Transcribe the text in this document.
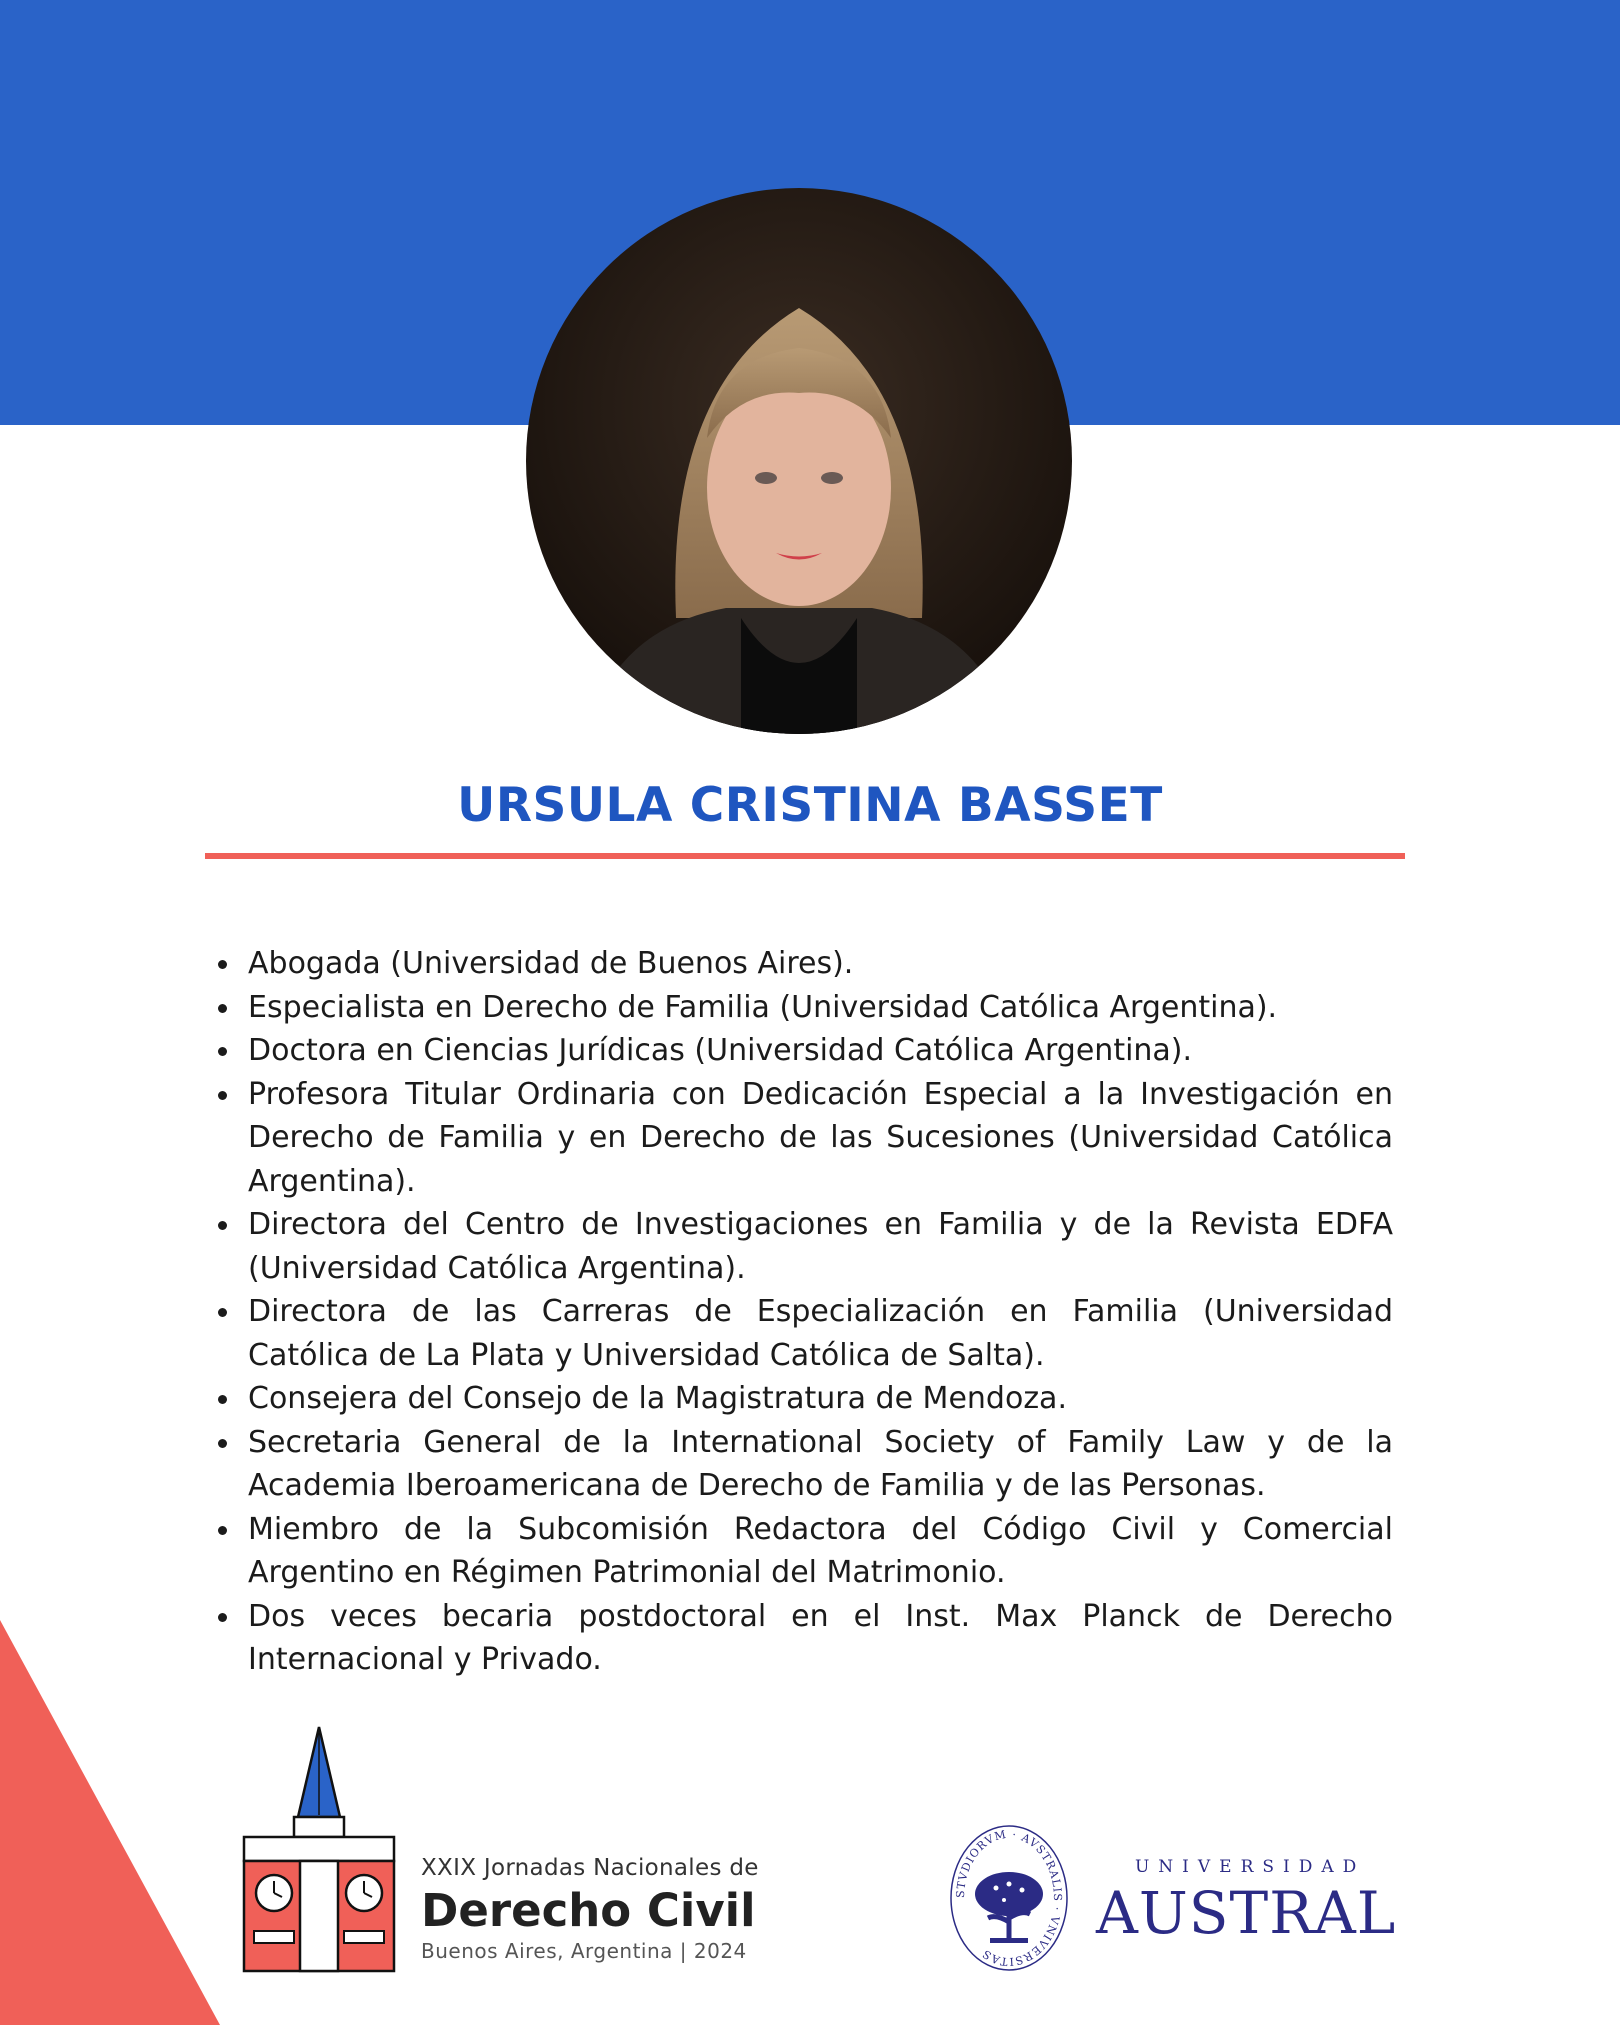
URSULA CRISTINA BASSET
Abogada (Universidad de Buenos Aires).
Especialista en Derecho de Familia (Universidad Católica Argentina).
Doctora en Ciencias Jurídicas (Universidad Católica Argentina).
Profesora Titular Ordinaria con Dedicación Especial a la Investigación en Derecho de Familia y en Derecho de las Sucesiones (Universidad Católica Argentina).
Directora del Centro de Investigaciones en Familia y de la Revista EDFA (Universidad Católica Argentina).
Directora de las Carreras de Especialización en Familia (Universidad Católica de La Plata y Universidad Católica de Salta).
Consejera del Consejo de la Magistratura de Mendoza.
Secretaria General de la International Society of Family Law y de la Academia Iberoamericana de Derecho de Familia y de las Personas.
Miembro de la Subcomisión Redactora del Código Civil y Comercial Argentino en Régimen Patrimonial del Matrimonio.
Dos veces becaria postdoctoral en el Inst. Max Planck de Derecho Internacional y Privado.
XXIX Jornadas Nacionales de
Derecho Civil
Buenos Aires, Argentina | 2024
STVDIORVM · AVSTRALIS · VNIVERSITAS
UNIVERSIDAD
AUSTRAL
